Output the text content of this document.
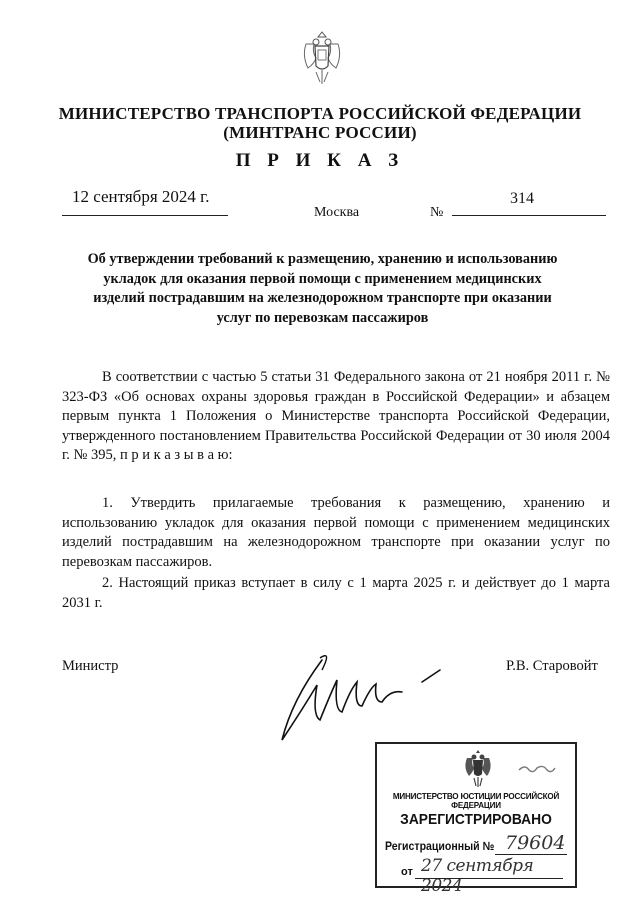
МИНИСТЕРСТВО ТРАНСПОРТА РОССИЙСКОЙ ФЕДЕРАЦИИ
(МИНТРАНС РОССИИ)
П Р И К А З
12 сентября 2024 г.
Москва	№
314
Об утверждении требований к размещению, хранению и использованию укладок для оказания первой помощи с применением медицинских изделий пострадавшим на железнодорожном транспорте при оказании услуг по перевозкам пассажиров
В соответствии с частью 5 статьи 31 Федерального закона от 21 ноября 2011 г. № 323-ФЗ «Об основах охраны здоровья граждан в Российской Федерации» и абзацем первым пункта 1 Положения о Министерстве транспорта Российской Федерации, утвержденного постановлением Правительства Российской Федерации от 30 июля 2004 г. № 395, п р и к а з ы в а ю:
1. Утвердить прилагаемые требования к размещению, хранению и использованию укладок для оказания первой помощи с применением медицинских изделий пострадавшим на железнодорожном транспорте при оказании услуг по перевозкам пассажиров.
2. Настоящий приказ вступает в силу с 1 марта 2025 г. и действует до 1 марта 2031 г.
Министр	Р.В. Старовойт
МИНИСТЕРСТВО ЮСТИЦИИ РОССИЙСКОЙ ФЕДЕРАЦИИ
ЗАРЕГИСТРИРОВАНО
Регистрационный № 79604
от 27 сентября 2024
